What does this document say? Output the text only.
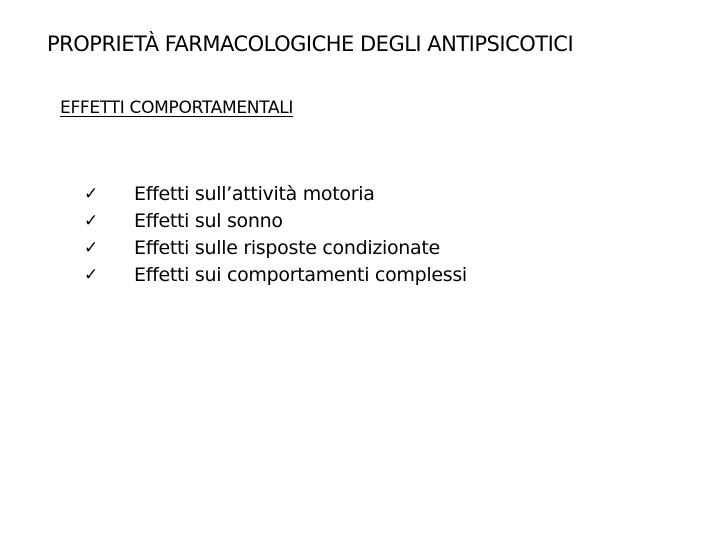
PROPRIETÀ FARMACOLOGICHE DEGLI ANTIPSICOTICI
EFFETTI COMPORTAMENTALI
✓	Effetti sull’attività motoria
✓	Effetti sul sonno
✓	Effetti sulle risposte condizionate
✓	Effetti sui comportamenti complessi
